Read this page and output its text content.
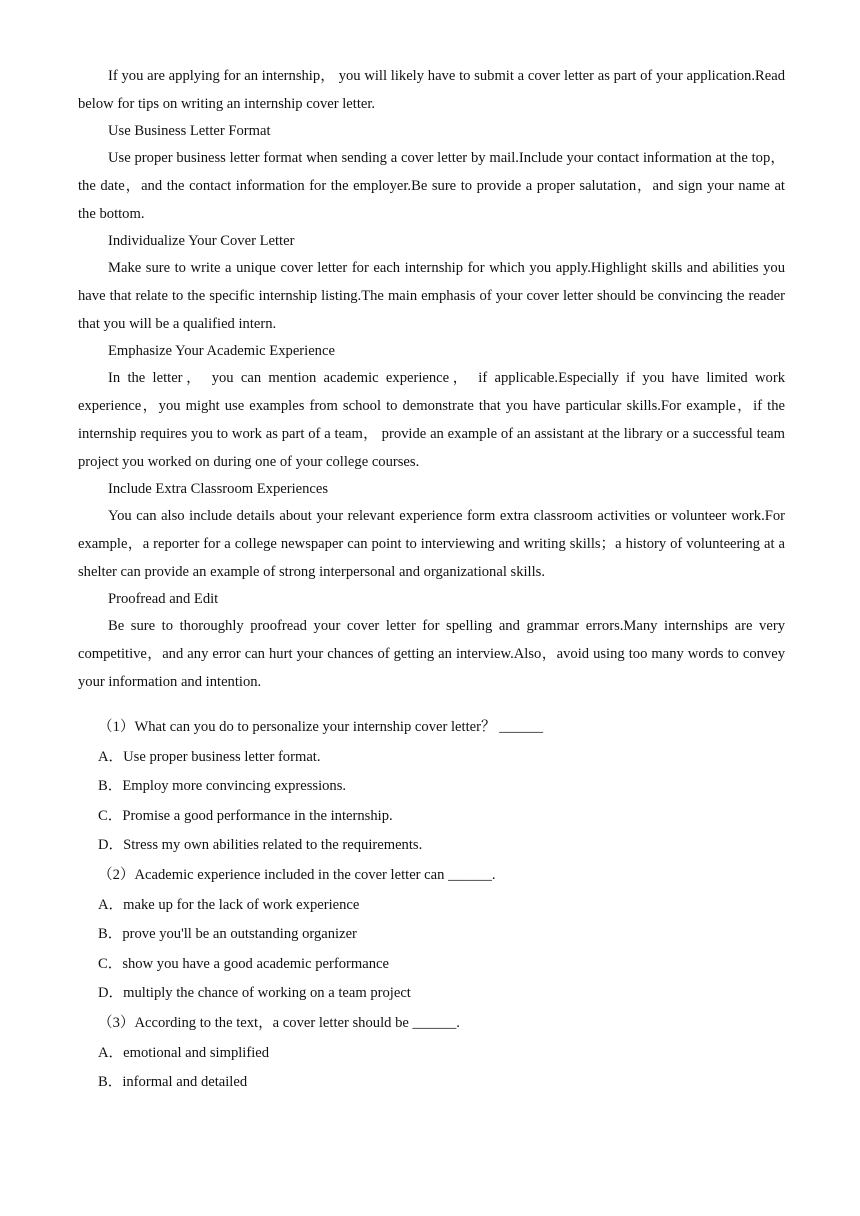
If you are applying for an internship， you will likely have to submit a cover letter as part of your application.Read below for tips on writing an internship cover letter.

Use Business Letter Format

Use proper business letter format when sending a cover letter by mail.Include your contact information at the top，the date，and the contact information for the employer.Be sure to provide a proper salutation，and sign your name at the bottom.

Individualize Your Cover Letter

Make sure to write a unique cover letter for each internship for which you apply.Highlight skills and abilities you have that relate to the specific internship listing.The main emphasis of your cover letter should be convincing the reader that you will be a qualified intern.

Emphasize Your Academic Experience

In the letter， you can mention academic experience， if applicable.Especially if you have limited work experience，you might use examples from school to demonstrate that you have particular skills.For example，if the internship requires you to work as part of a team， provide an example of an assistant at the library or a successful team project you worked on during one of your college courses.

Include Extra Classroom Experiences

You can also include details about your relevant experience form extra classroom activities or volunteer work.For example，a reporter for a college newspaper can point to interviewing and writing skills；a history of volunteering at a shelter can provide an example of strong interpersonal and organizational skills.

Proofread and Edit

Be sure to thoroughly proofread your cover letter for spelling and grammar errors.Many internships are very competitive，and any error can hurt your chances of getting an interview.Also，avoid using too many words to convey your information and intention.

（1）What can you do to personalize your internship cover letter？ ______

A．Use proper business letter format.

B．Employ more convincing expressions.

C．Promise a good performance in the internship.

D．Stress my own abilities related to the requirements.

（2）Academic experience included in the cover letter can ______.

A．make up for the lack of work experience

B．prove you'll be an outstanding organizer

C．show you have a good academic performance

D．multiply the chance of working on a team project

（3）According to the text，a cover letter should be ______.

A．emotional and simplified

B．informal and detailed
